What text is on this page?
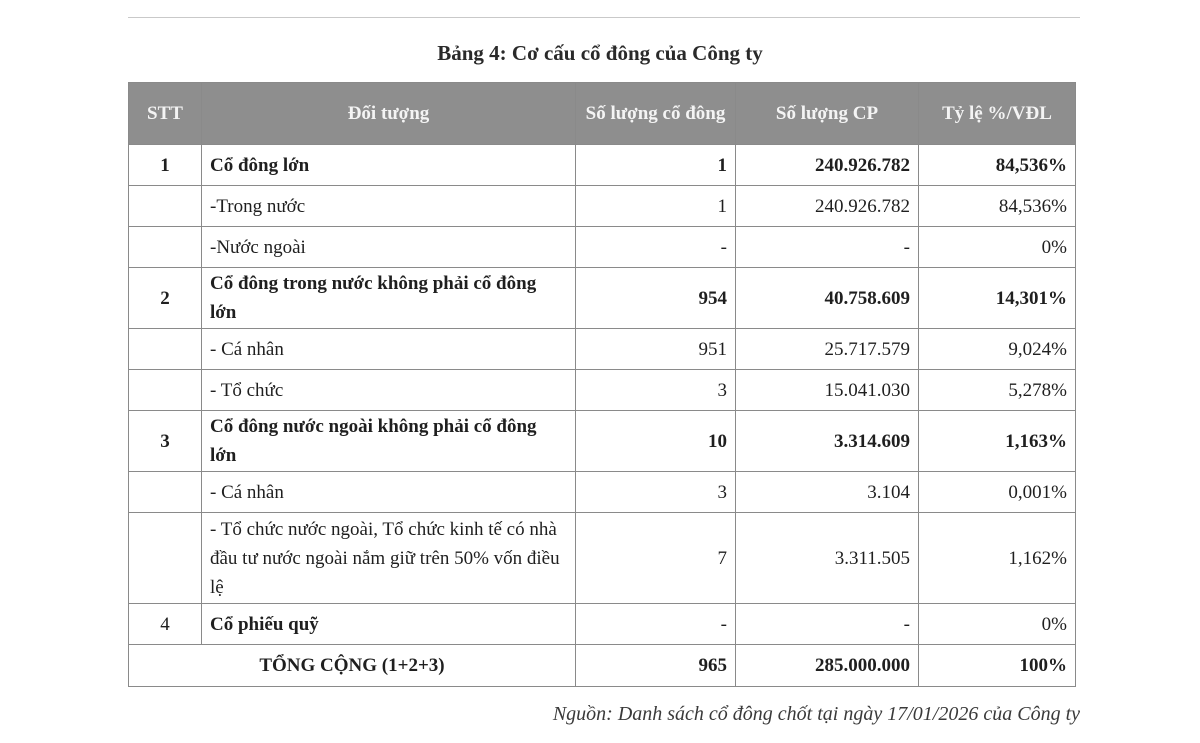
Bảng 4: Cơ cấu cổ đông của Công ty
STT	Đối tượng	Số lượng cổ đông	Số lượng CP	Tỷ lệ %/VĐL
1	Cổ đông lớn	1	240.926.782	84,536%
	-Trong nước	1	240.926.782	84,536%
	-Nước ngoài	-	-	0%
2	Cổ đông trong nước không phải cổ đông lớn	954	40.758.609	14,301%
	- Cá nhân	951	25.717.579	9,024%
	- Tổ chức	3	15.041.030	5,278%
3	Cổ đông nước ngoài không phải cổ đông lớn	10	3.314.609	1,163%
	- Cá nhân	3	3.104	0,001%
	- Tổ chức nước ngoài, Tổ chức kinh tế có nhà đầu tư nước ngoài nắm giữ trên 50% vốn điều lệ	7	3.311.505	1,162%
4	Cổ phiếu quỹ	-	-	0%
TỔNG CỘNG (1+2+3)		965	285.000.000	100%
Nguồn: Danh sách cổ đông chốt tại ngày 17/01/2026 của Công ty
